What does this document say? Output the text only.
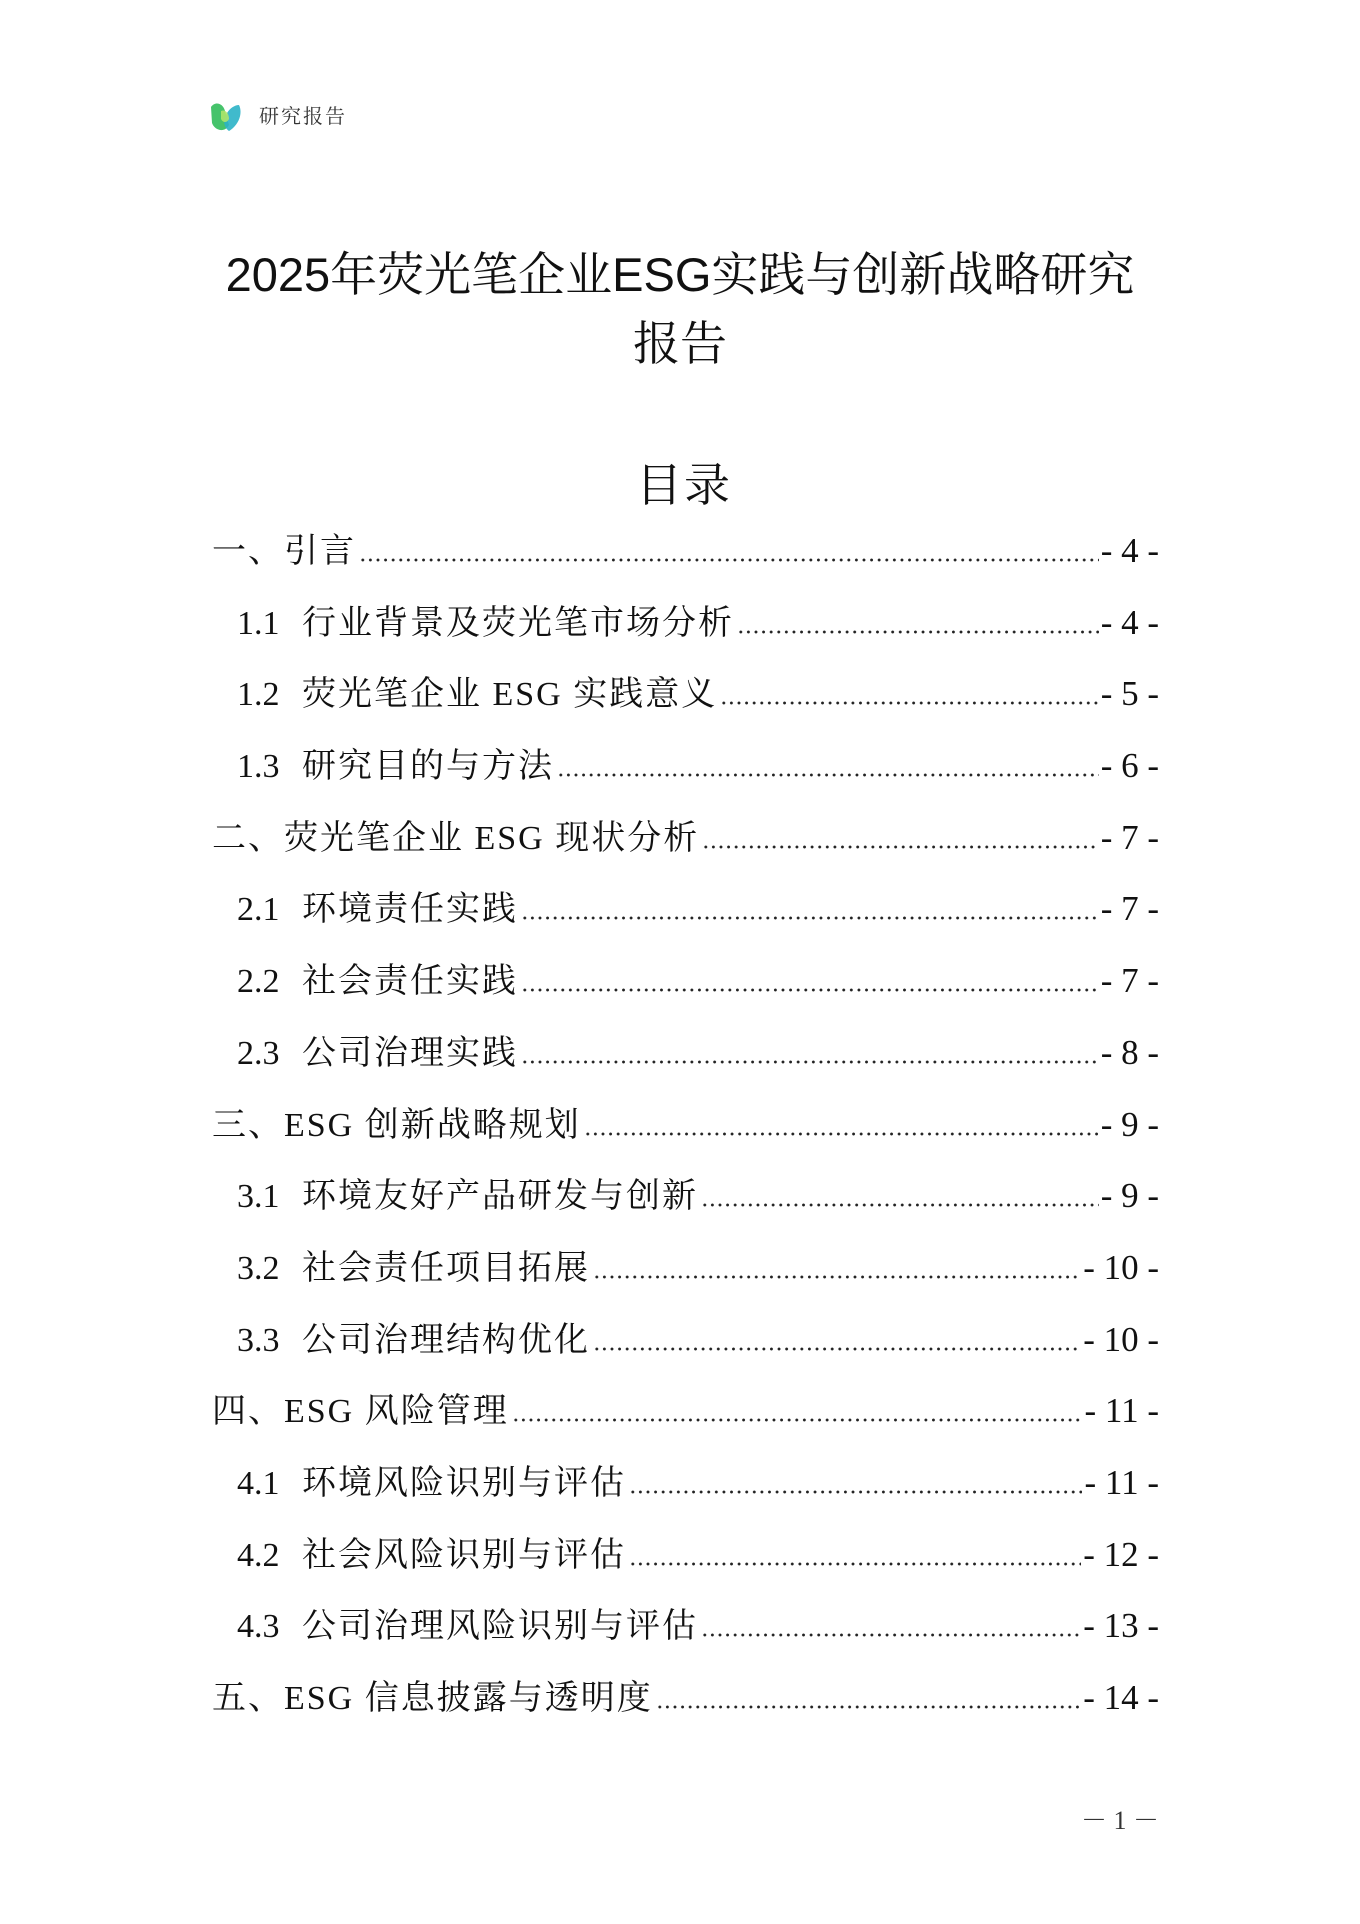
研究报告
2025年荧光笔企业ESG实践与创新战略研究
报告
目录
一、引言	- 4 -
1.1 行业背景及荧光笔市场分析	- 4 -
1.2 荧光笔企业 ESG 实践意义	- 5 -
1.3 研究目的与方法	- 6 -
二、荧光笔企业 ESG 现状分析	- 7 -
2.1 环境责任实践	- 7 -
2.2 社会责任实践	- 7 -
2.3 公司治理实践	- 8 -
三、ESG 创新战略规划	- 9 -
3.1 环境友好产品研发与创新	- 9 -
3.2 社会责任项目拓展	- 10 -
3.3 公司治理结构优化	- 10 -
四、ESG 风险管理	- 11 -
4.1 环境风险识别与评估	- 11 -
4.2 社会风险识别与评估	- 12 -
4.3 公司治理风险识别与评估	- 13 -
五、ESG 信息披露与透明度	- 14 -
－ 1 －
